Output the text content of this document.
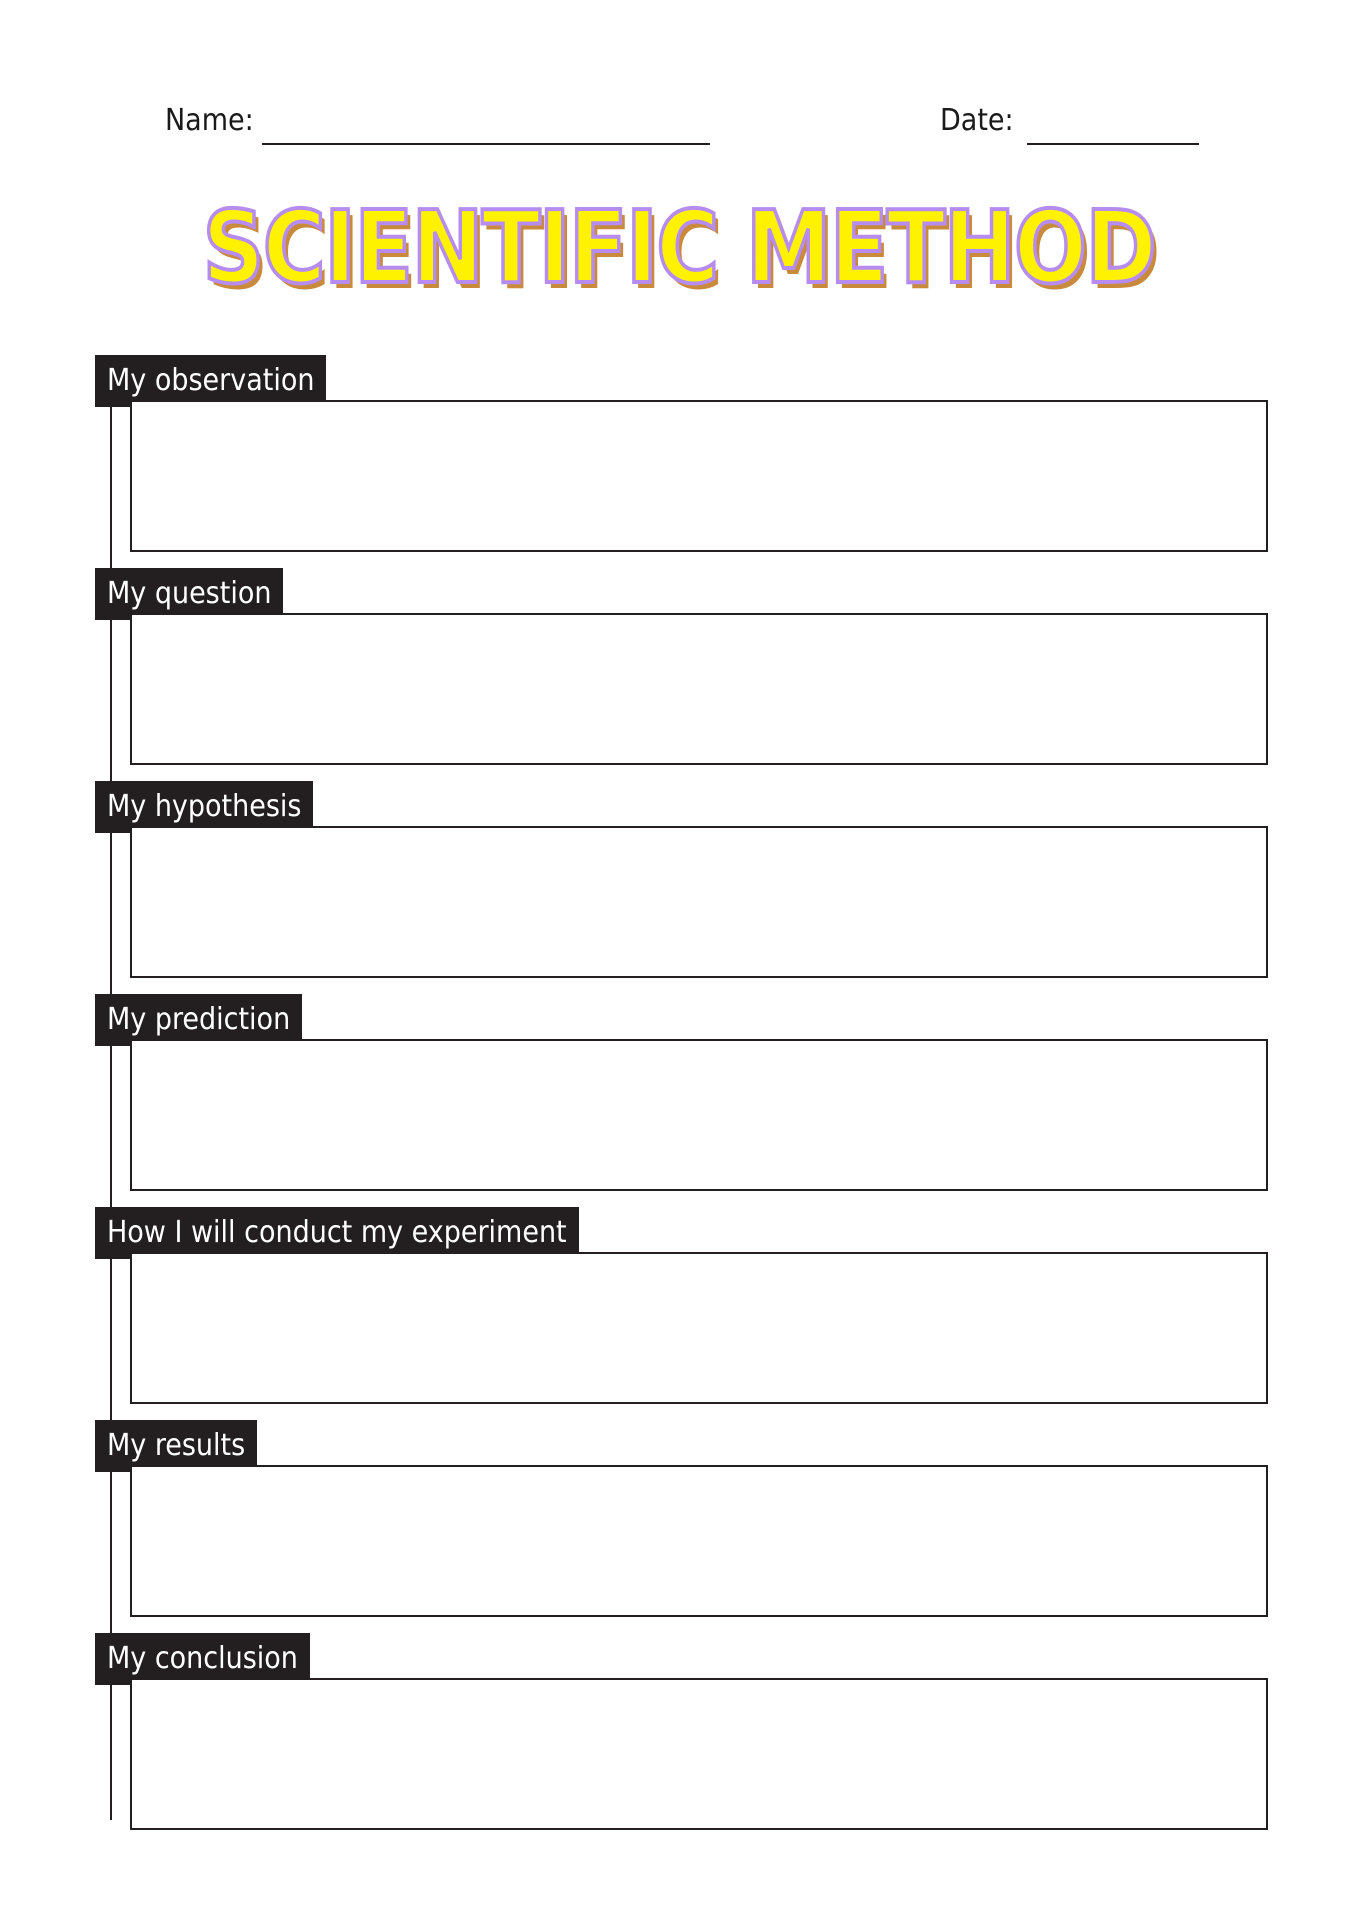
Name:	Date:
SCIENTIFIC METHOD
My observation
My question
My hypothesis
My prediction
How I will conduct my experiment
My results
My conclusion
